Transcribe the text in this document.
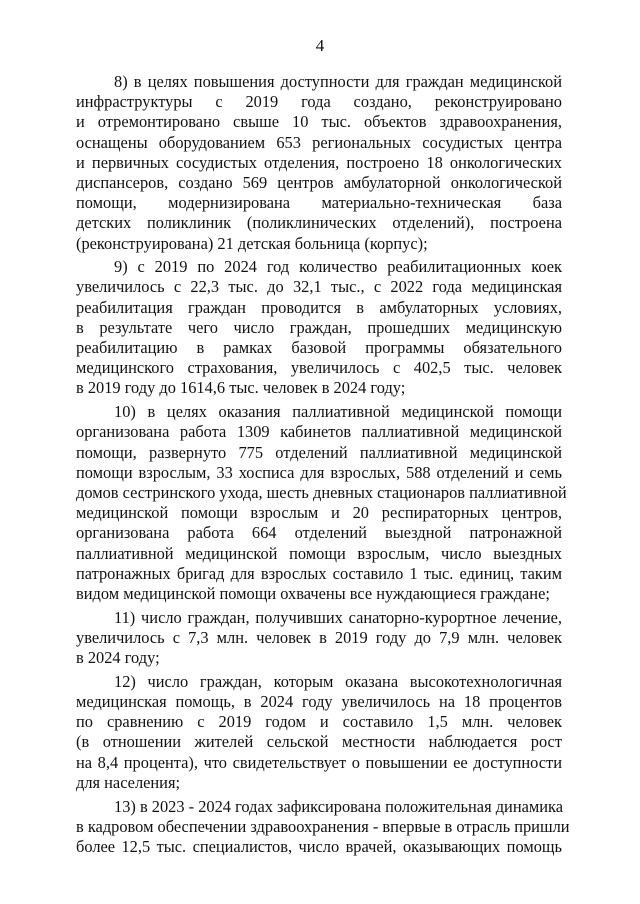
4
8) в целях повышения доступности для граждан медицинской
инфраструктуры с 2019 года создано, реконструировано
и отремонтировано свыше 10 тыс. объектов здравоохранения,
оснащены оборудованием 653 региональных сосудистых центра
и первичных сосудистых отделения, построено 18 онкологических
диспансеров, создано 569 центров амбулаторной онкологической
помощи, модернизирована материально-техническая база
детских поликлиник (поликлинических отделений), построена
(реконструирована) 21 детская больница (корпус);
9) с 2019 по 2024 год количество реабилитационных коек
увеличилось с 22,3 тыс. до 32,1 тыс., с 2022 года медицинская
реабилитация граждан проводится в амбулаторных условиях,
в результате чего число граждан, прошедших медицинскую
реабилитацию в рамках базовой программы обязательного
медицинского страхования, увеличилось с 402,5 тыс. человек
в 2019 году до 1614,6 тыс. человек в 2024 году;
10) в целях оказания паллиативной медицинской помощи
организована работа 1309 кабинетов паллиативной медицинской
помощи, развернуто 775 отделений паллиативной медицинской
помощи взрослым, 33 хосписа для взрослых, 588 отделений и семь
домов сестринского ухода, шесть дневных стационаров паллиативной
медицинской помощи взрослым и 20 респираторных центров,
организована работа 664 отделений выездной патронажной
паллиативной медицинской помощи взрослым, число выездных
патронажных бригад для взрослых составило 1 тыс. единиц, таким
видом медицинской помощи охвачены все нуждающиеся граждане;
11) число граждан, получивших санаторно-курортное лечение,
увеличилось с 7,3 млн. человек в 2019 году до 7,9 млн. человек
в 2024 году;
12) число граждан, которым оказана высокотехнологичная
медицинская помощь, в 2024 году увеличилось на 18 процентов
по сравнению с 2019 годом и составило 1,5 млн. человек
(в отношении жителей сельской местности наблюдается рост
на 8,4 процента), что свидетельствует о повышении ее доступности
для населения;
13) в 2023 - 2024 годах зафиксирована положительная динамика
в кадровом обеспечении здравоохранения - впервые в отрасль пришли
более 12,5 тыс. специалистов, число врачей, оказывающих помощь
